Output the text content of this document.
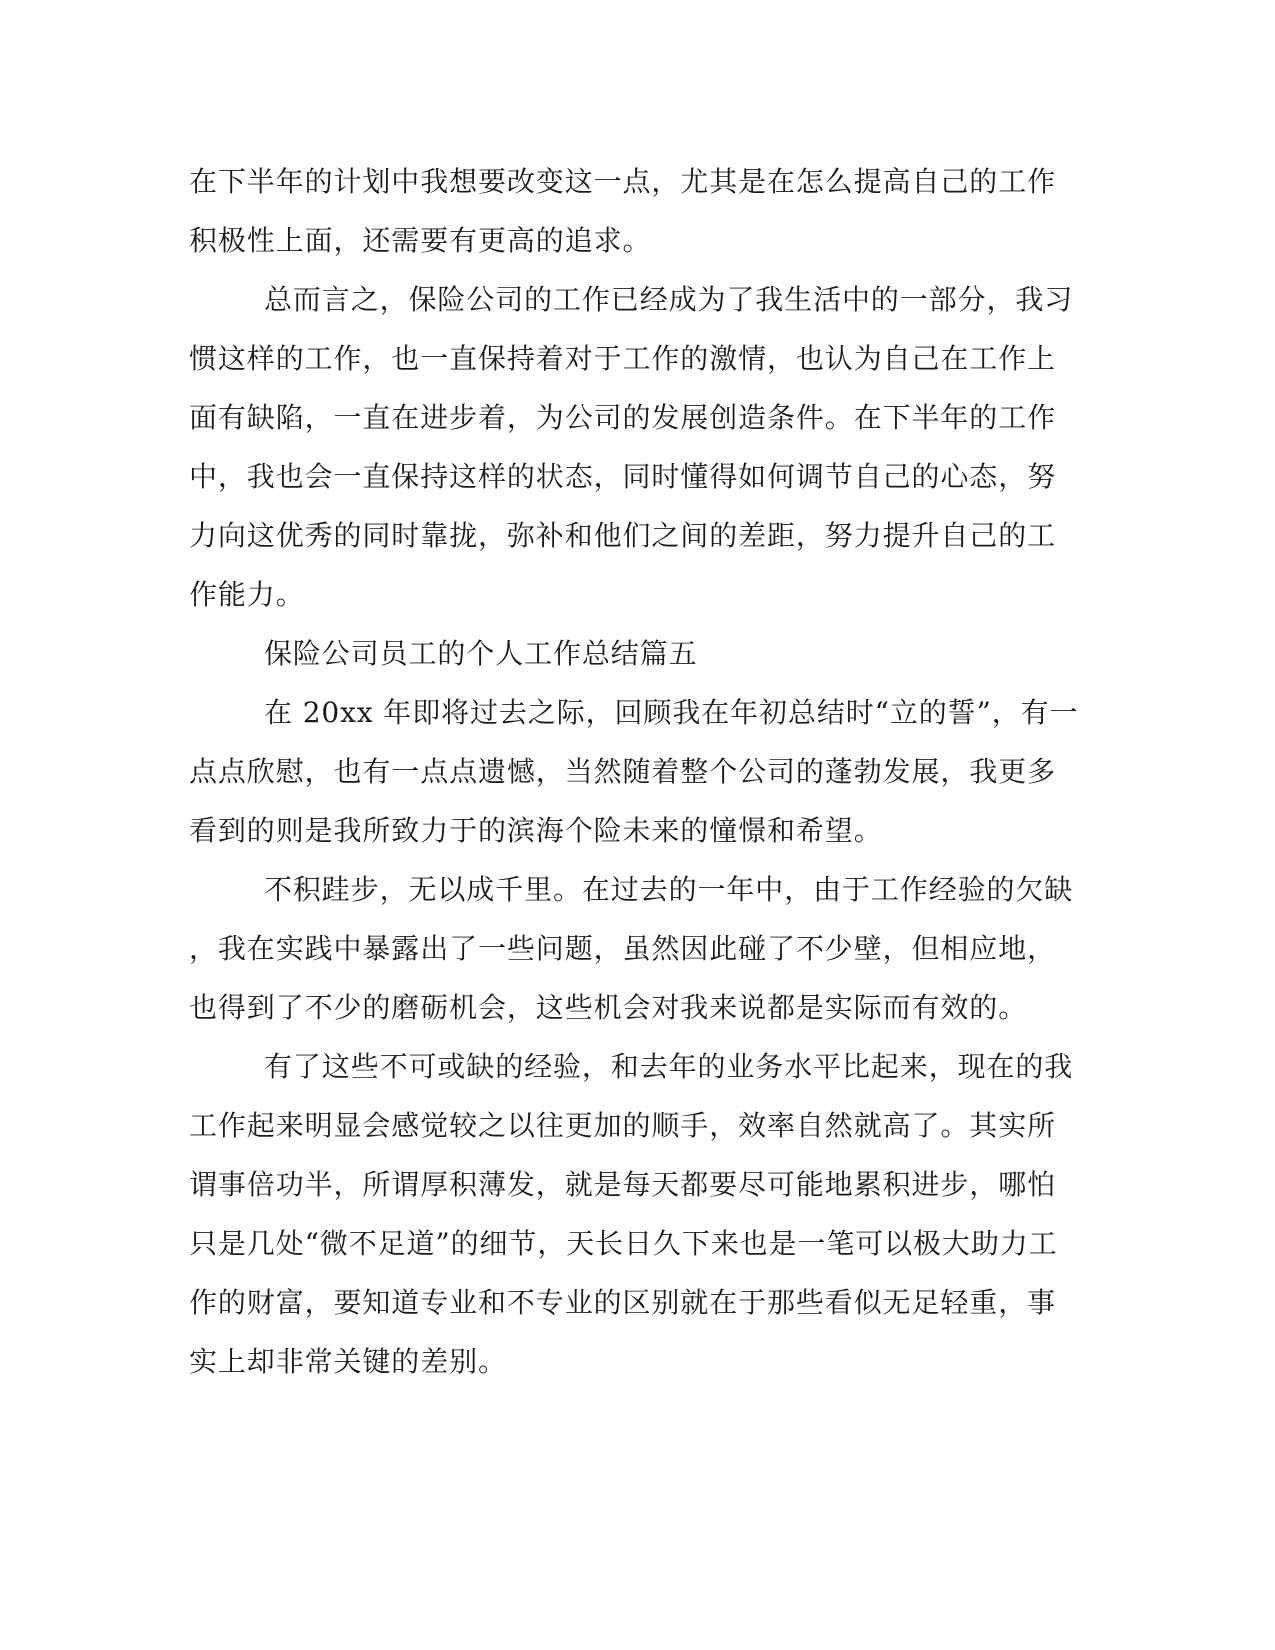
在下半年的计划中我想要改变这一点，尤其是在怎么提高自己的工作

积极性上面，还需要有更高的追求。

总而言之，保险公司的工作已经成为了我生活中的一部分，我习

惯这样的工作，也一直保持着对于工作的激情，也认为自己在工作上

面有缺陷，一直在进步着，为公司的发展创造条件。在下半年的工作

中，我也会一直保持这样的状态，同时懂得如何调节自己的心态，努

力向这优秀的同时靠拢，弥补和他们之间的差距，努力提升自己的工

作能力。

保险公司员工的个人工作总结篇五

在 20xx 年即将过去之际，回顾我在年初总结时“立的誓”，有一

点点欣慰，也有一点点遗憾，当然随着整个公司的蓬勃发展，我更多

看到的则是我所致力于的滨海个险未来的憧憬和希望。

不积跬步，无以成千里。在过去的一年中，由于工作经验的欠缺

，我在实践中暴露出了一些问题，虽然因此碰了不少壁，但相应地，

也得到了不少的磨砺机会，这些机会对我来说都是实际而有效的。

有了这些不可或缺的经验，和去年的业务水平比起来，现在的我

工作起来明显会感觉较之以往更加的顺手，效率自然就高了。其实所

谓事倍功半，所谓厚积薄发，就是每天都要尽可能地累积进步，哪怕

只是几处“微不足道”的细节，天长日久下来也是一笔可以极大助力工

作的财富，要知道专业和不专业的区别就在于那些看似无足轻重，事

实上却非常关键的差别。
